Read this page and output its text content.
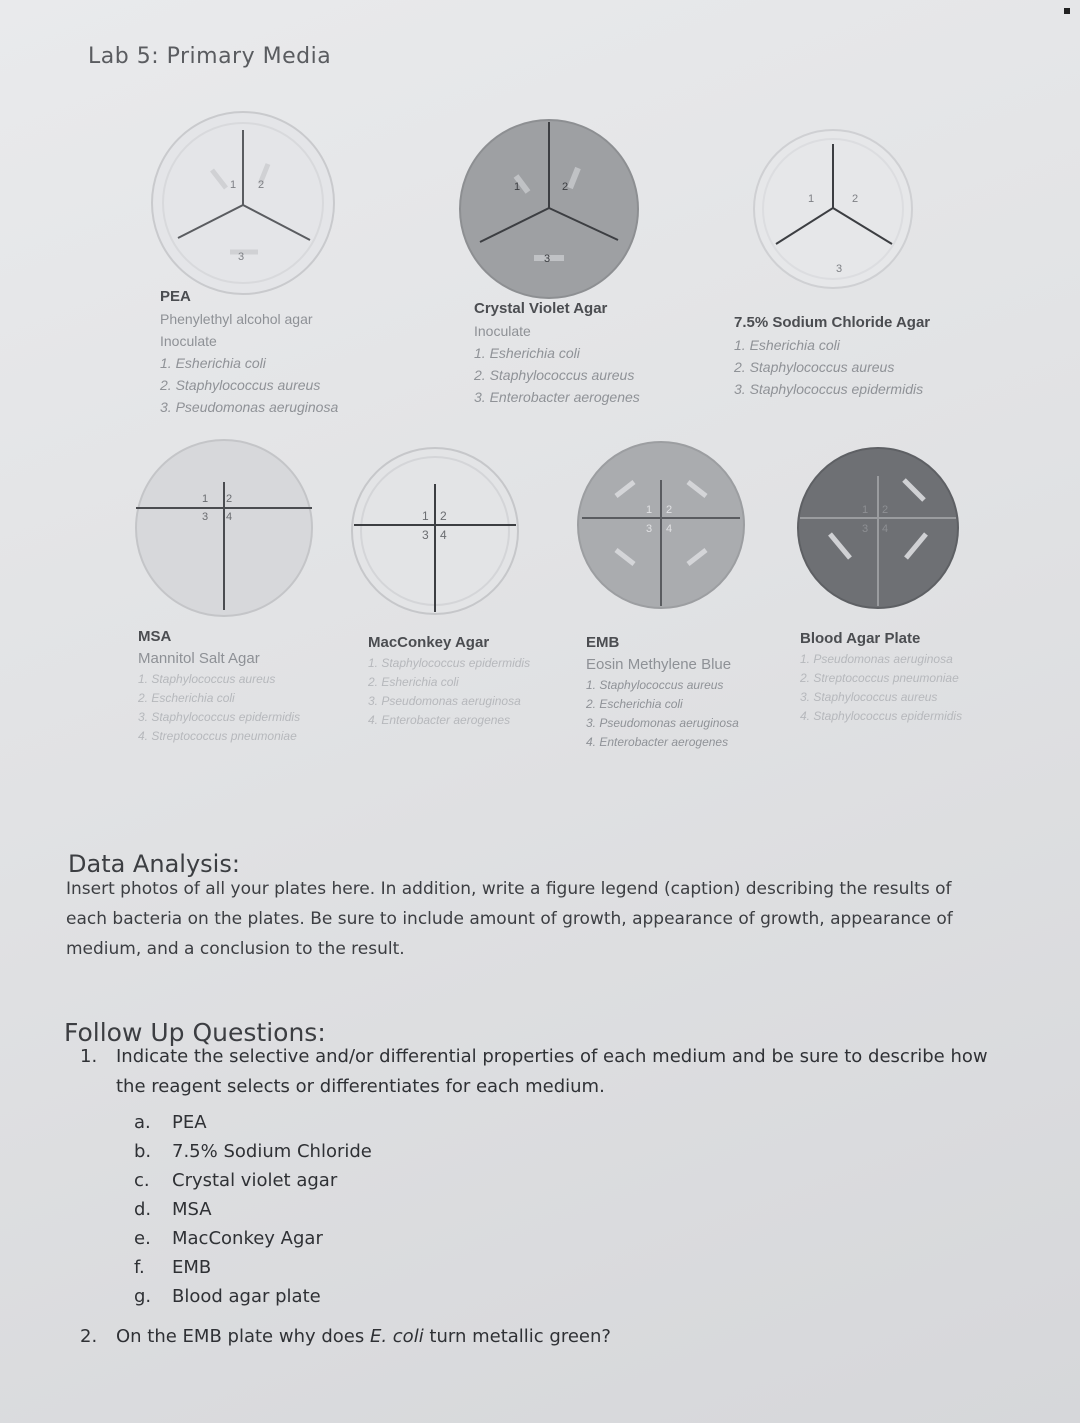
Lab 5: Primary Media
1 2
3
1	2
3
1	2
3
PEA
Phenylethyl alcohol agar
Inoculate
1. Esherichia coli
2. Staphylococcus aureus
3. Pseudomonas aeruginosa
Crystal Violet Agar
Inoculate
1. Esherichia coli
2. Staphylococcus aureus
3. Enterobacter aerogenes
7.5% Sodium Chloride Agar
1. Esherichia coli
2. Staphylococcus aureus
3. Staphylococcus epidermidis
1 2
3 4	1 2
3 4
1 2
3 4
1 2
3 4
MSA
Mannitol Salt Agar
1. Staphylococcus aureus
2. Escherichia coli
3. Staphylococcus epidermidis
4. Streptococcus pneumoniae
MacConkey Agar
1. Staphylococcus epidermidis
2. Esherichia coli
3. Pseudomonas aeruginosa
4. Enterobacter aerogenes
EMB
Eosin Methylene Blue
1. Staphylococcus aureus
2. Escherichia coli
3. Pseudomonas aeruginosa
4. Enterobacter aerogenes
Blood Agar Plate
1. Pseudomonas aeruginosa
2. Streptococcus pneumoniae
3. Staphylococcus aureus
4. Staphylococcus epidermidis
Data Analysis:
Insert photos of all your plates here. In addition, write a figure legend (caption) describing the results of each bacteria on the plates. Be sure to include amount of growth, appearance of growth, appearance of medium, and a conclusion to the result.
Follow Up Questions:
1.	Indicate the selective and/or differential properties of each medium and be sure to describe how the reagent selects or differentiates for each medium.
a. PEA
b. 7.5% Sodium Chloride
c. Crystal violet agar
d. MSA
e. MacConkey Agar
f. EMB
g. Blood agar plate
2. On the EMB plate why does E. coli turn metallic green?
